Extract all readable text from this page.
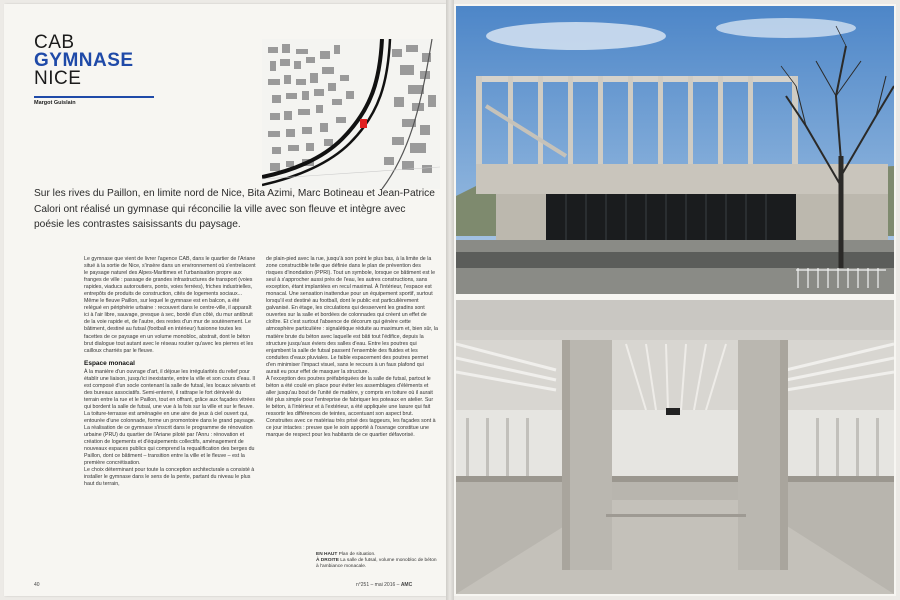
CAB
GYMNASE
NICE
Margot Guislain
Sur les rives du Paillon, en limite nord de Nice, Bita Azimi, Marc Botineau et Jean-Patrice Calori ont réalisé un gymnase qui réconcilie la ville avec son fleuve et intègre avec poésie les contrastes saisissants du paysage.

Le gymnase que vient de livrer l'agence CAB, dans le quartier de l'Ariane situé à la sortie de Nice, s'insère dans un environnement où s'entrelacent le paysage naturel des Alpes-Maritimes et l'urbanisation propre aux franges de ville : passage de grandes infrastructures de transport (voies rapides, viaducs autoroutiers, ponts, voies ferrées), friches industrielles, entrepôts de produits de construction, cités de logements sociaux... Même le fleuve Paillon, sur lequel le gymnase est en balcon, a été relégué en périphérie urbaine : recouvert dans le centre-ville, il apparaît ici à l'air libre, sauvage, presque à sec, bordé d'un côté, du mur antibruit de la voie rapide et, de l'autre, des restes d'un mur de soutènement. Le bâtiment, destiné au futsal (football en intérieur) fusionne toutes les facettes de ce paysage en un volume monobloc, abstrait, dont le béton brut dialogue tout autant avec le réseau routier qu'avec les pierres et les cailloux charriés par le fleuve.

Espace monacal

À la manière d'un ouvrage d'art, il déjoue les irrégularités du relief pour établir une liaison, jusqu'ici inexistante, entre la ville et son cours d'eau. Il est composé d'un socle contenant la salle de futsal, les locaux sévants et des bureaux associatifs. Semi-enterré, il rattrape le fort dénivelé du terrain entre la rue et le Paillon, tout en offrant, grâce aux façades vitrées qui bordent la salle de futsal, une vue à la fois sur la ville et sur le fleuve. La toiture-terrasse est aménagée en une aire de jeux à ciel ouvert qui, entourée d'une colonnade, forme un promontoire dans le grand paysage. La réalisation de ce gymnase s'inscrit dans le programme de rénovation urbaine (PRU) du quartier de l'Ariane piloté par l'Anru : rénovation et création de logements et d'équipements collectifs, aménagement de nouveaux espaces publics qui comprend la requalification des berges du Paillon, dont ce bâtiment – transition entre la ville et le fleuve – est la première concrétisation.

Le choix déterminant pour toute la conception architecturale a consisté à installer le gymnase dans le sens de la pente, partant du niveau le plus haut du terrain,

de plain-pied avec la rue, jusqu'à son point le plus bas, à la limite de la zone constructible telle que définie dans le plan de prévention des risques d'inondation (PPRI). Tout un symbole, lorsque ce bâtiment est le seul à s'approcher aussi près de l'eau, les autres constructions, sans exception, étant implantées en recul maximal. À l'intérieur, l'espace est monacal. Une sensation inattendue pour un équipement sportif, surtout lorsqu'il est destiné au football, dont le public est particulièrement galvanisé. En étage, les circulations qui desservent les gradins sont ouvertes sur la salle et bordées de colonnades qui créent un effet de cloître. Et c'est surtout l'absence de décorum qui génère cette atmosphère particulière : signalétique réduite au maximum et, bien sûr, la matière brute du béton avec laquelle est bâti tout l'édifice, depuis la structure jusqu'aux éviers des salles d'eau. Entre les poutres qui enjambent la salle de futsal passent l'ensemble des fluides et les conduites d'eaux pluviales. Le faible espacement des poutres permet d'en minimiser l'impact visuel, sans le recours à un faux plafond qui aurait eu pour effet de masquer la structure.

À l'exception des poutres préfabriquées de la salle de futsal, partout le béton a été coulé en place pour éviter les assemblages d'éléments et aller jusqu'au bout de l'unité de matière, y compris en toiture où il aurait été plus simple pour l'entreprise de fabriquer les poteaux en atelier. Sur le béton, à l'intérieur et à l'extérieur, a été appliquée une lasure qui fait ressortir les différences de teintes, accentuant son aspect brut. Construites avec ce matériau très prisé des taggeurs, les façades sont à ce jour intactes : preuve que le soin apporté à l'ouvrage constitue une marque de respect pour les habitants de ce quartier défavorisé.

EN HAUT Plan de situation.
À DROITE La salle de futsal, volume monobloc de béton à l'ambiance monacale.
40	n°251 – mai 2016 – AMC
